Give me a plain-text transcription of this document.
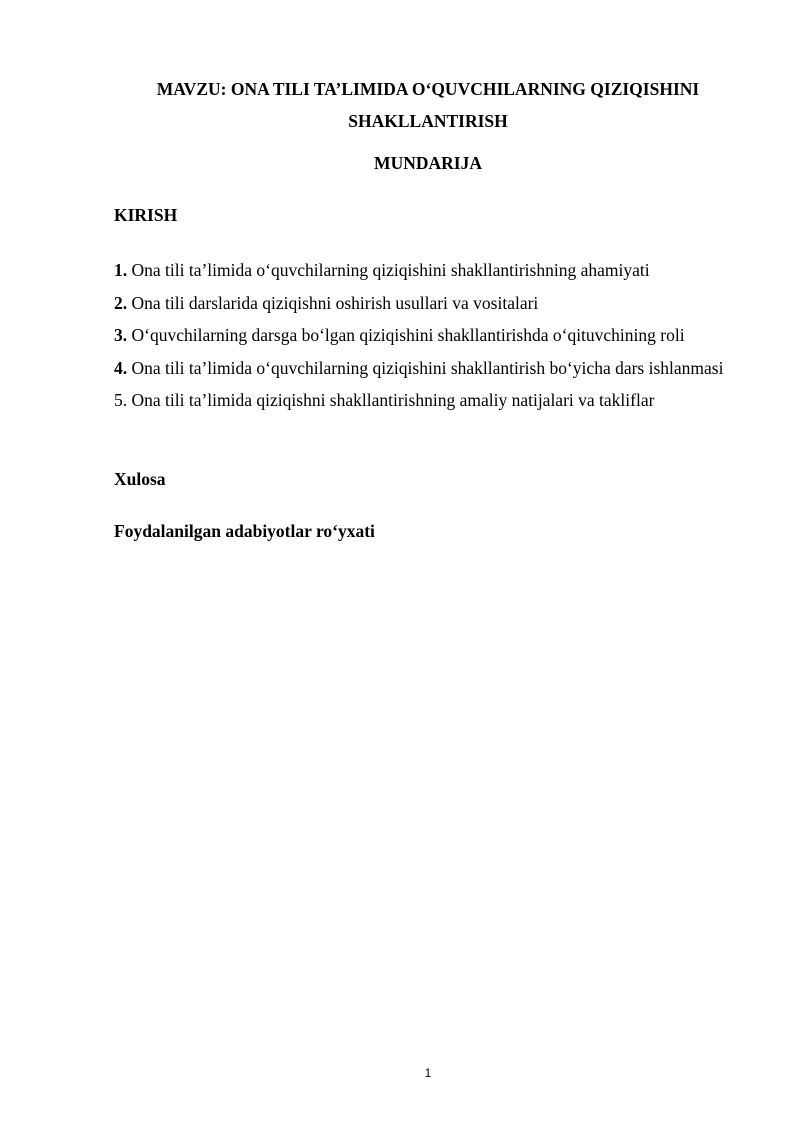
MAVZU: ONA TILI TA’LIMIDA O‘QUVCHILARNING QIZIQISHINI SHAKLLANTIRISH
MUNDARIJA
KIRISH
1. Ona tili ta’limida o‘quvchilarning qiziqishini shakllantirishning ahamiyati
2. Ona tili darslarida qiziqishni oshirish usullari va vositalari
3. O‘quvchilarning darsga bo‘lgan qiziqishini shakllantirishda o‘qituvchining roli
4. Ona tili ta’limida o‘quvchilarning qiziqishini shakllantirish bo‘yicha dars ishlanmasi
5. Ona tili ta’limida qiziqishni shakllantirishning amaliy natijalari va takliflar
Xulosa
Foydalanilgan adabiyotlar ro‘yxati
1
